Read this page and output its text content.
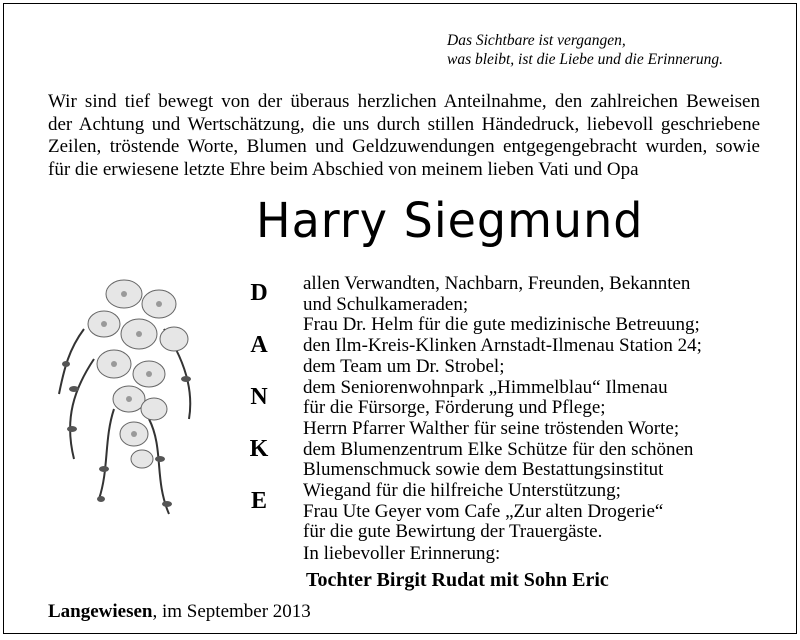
Das Sichtbare ist vergangen,
was bleibt, ist die Liebe und die Erinnerung.
Wir sind tief bewegt von der überaus herzlichen Anteilnahme, den zahlreichen Beweisen
der Achtung und Wertschätzung, die uns durch stillen Händedruck, liebevoll geschriebene
Zeilen, tröstende Worte, Blumen und Geldzuwendungen entgegengebracht wurden, sowie
für die erwiesene letzte Ehre beim Abschied von meinem lieben Vati und Opa
Harry Siegmund
D
A
N
K
E
allen Verwandten, Nachbarn, Freunden, Bekannten
und Schulkameraden;
Frau Dr. Helm für die gute medizinische Betreuung;
den Ilm-Kreis-Klinken Arnstadt-Ilmenau Station 24;
dem Team um Dr. Strobel;
dem Seniorenwohnpark „Himmelblau“ Ilmenau
für die Fürsorge, Förderung und Pflege;
Herrn Pfarrer Walther für seine tröstenden Worte;
dem Blumenzentrum Elke Schütze für den schönen
Blumenschmuck sowie dem Bestattungsinstitut
Wiegand für die hilfreiche Unterstützung;
Frau Ute Geyer vom Cafe „Zur alten Drogerie“
für die gute Bewirtung der Trauergäste.
In liebevoller Erinnerung:
Tochter Birgit Rudat mit Sohn Eric
Langewiesen, im September 2013
